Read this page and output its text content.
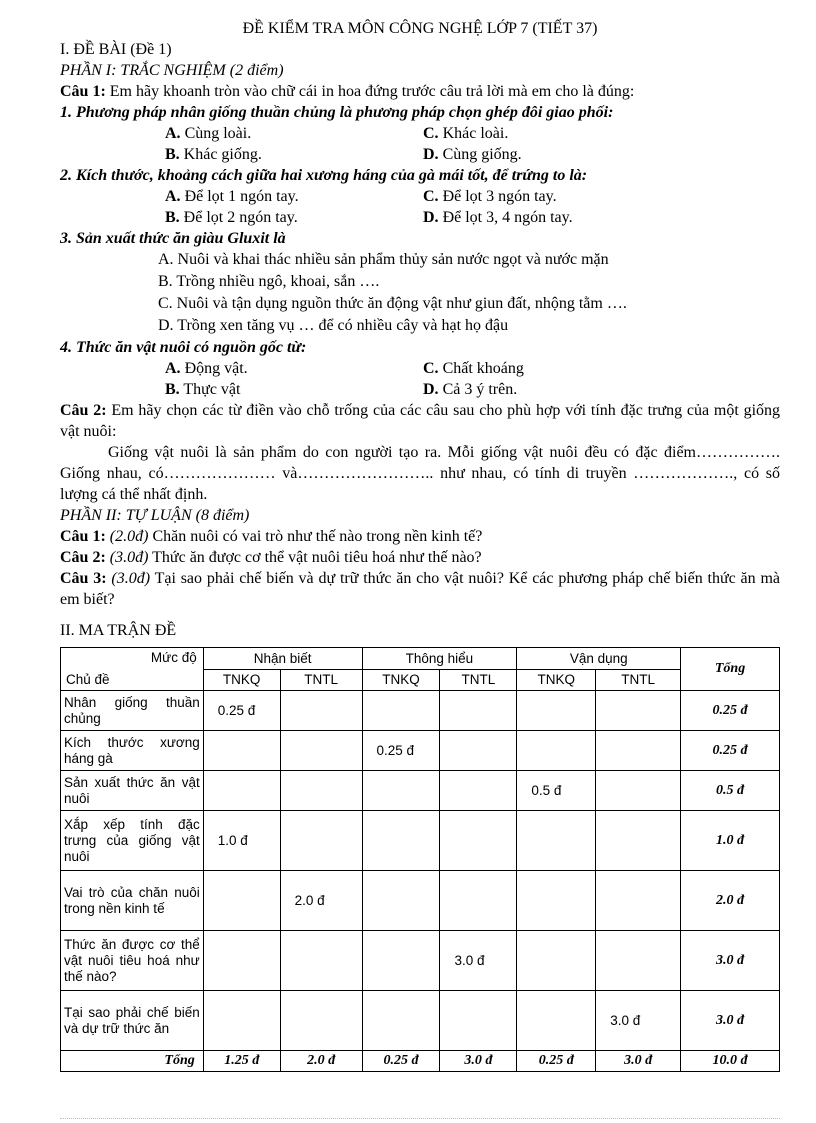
ĐỀ KIỂM TRA MÔN CÔNG NGHỆ LỚP 7 (TIẾT 37)
I. ĐỀ BÀI (Đề 1)
PHẦN I: TRẮC NGHIỆM (2 điểm)
Câu 1: Em hãy khoanh tròn vào chữ cái in hoa đứng trước câu trả lời mà em cho là đúng:
1. Phương pháp nhân giống thuần chủng là phương pháp chọn ghép đôi giao phối:
A. Cùng loài.	C. Khác loài.
B. Khác giống.	D. Cùng giống.
2. Kích thước, khoảng cách giữa hai xương háng của gà mái tốt, để trứng to là:
A. Để lọt 1 ngón tay.	C. Để lọt 3 ngón tay.
B. Để lọt 2 ngón tay.	D. Để lọt 3, 4 ngón tay.
3. Sản xuất thức ăn giàu Gluxit là
A. Nuôi và khai thác nhiều sản phẩm thủy sản nước ngọt và nước mặn
B. Trồng nhiều ngô, khoai, sắn ….
C. Nuôi và tận dụng nguồn thức ăn động vật như giun đất, nhộng tằm ….
D. Trồng xen tăng vụ … để có nhiều cây và hạt họ đậu
4. Thức ăn vật nuôi có nguồn gốc từ:
A. Động vật.	C. Chất khoáng
B. Thực vật	D. Cả 3 ý trên.
Câu 2: Em hãy chọn các từ điền vào chỗ trống của các câu sau cho phù hợp với tính đặc trưng của một giống vật nuôi:
Giống vật nuôi là sản phẩm do con người tạo ra. Mỗi giống vật nuôi đều có đặc điểm……………. Giống nhau, có………………… và…………………….. như nhau, có tính di truyền ………………., có số lượng cá thể nhất định.
PHẦN II: TỰ LUẬN (8 điểm)
Câu 1: (2.0đ) Chăn nuôi có vai trò như thế nào trong nền kinh tế?
Câu 2: (3.0đ) Thức ăn được cơ thể vật nuôi tiêu hoá như thế nào?
Câu 3: (3.0đ) Tại sao phải chế biến và dự trữ thức ăn cho vật nuôi? Kể các phương pháp chế biến thức ăn mà em biết?
II. MA TRẬN ĐỀ
Mức độ
Chủ đề	Nhận biết		Thông hiểu		Vận dụng		Tổng
	TNKQ	TNTL	TNKQ	TNTL	TNKQ	TNTL	
Nhân giống thuần chủng	0.25 đ						0.25 đ
Kích thước xương háng gà			0.25 đ				0.25 đ
Sản xuất thức ăn vật nuôi					0.5 đ		0.5 đ
Xắp xếp tính đặc trưng của giống vật nuôi	1.0 đ						1.0 đ
Vai trò của chăn nuôi trong nền kinh tế		2.0 đ					2.0 đ
Thức ăn được cơ thể vật nuôi tiêu hoá như thế nào?				3.0 đ			3.0 đ
Tại sao phải chế biến và dự trữ thức ăn						3.0 đ	3.0 đ
Tổng	1.25 đ	2.0 đ	0.25 đ	3.0 đ	0.25 đ	3.0 đ	10.0 đ
